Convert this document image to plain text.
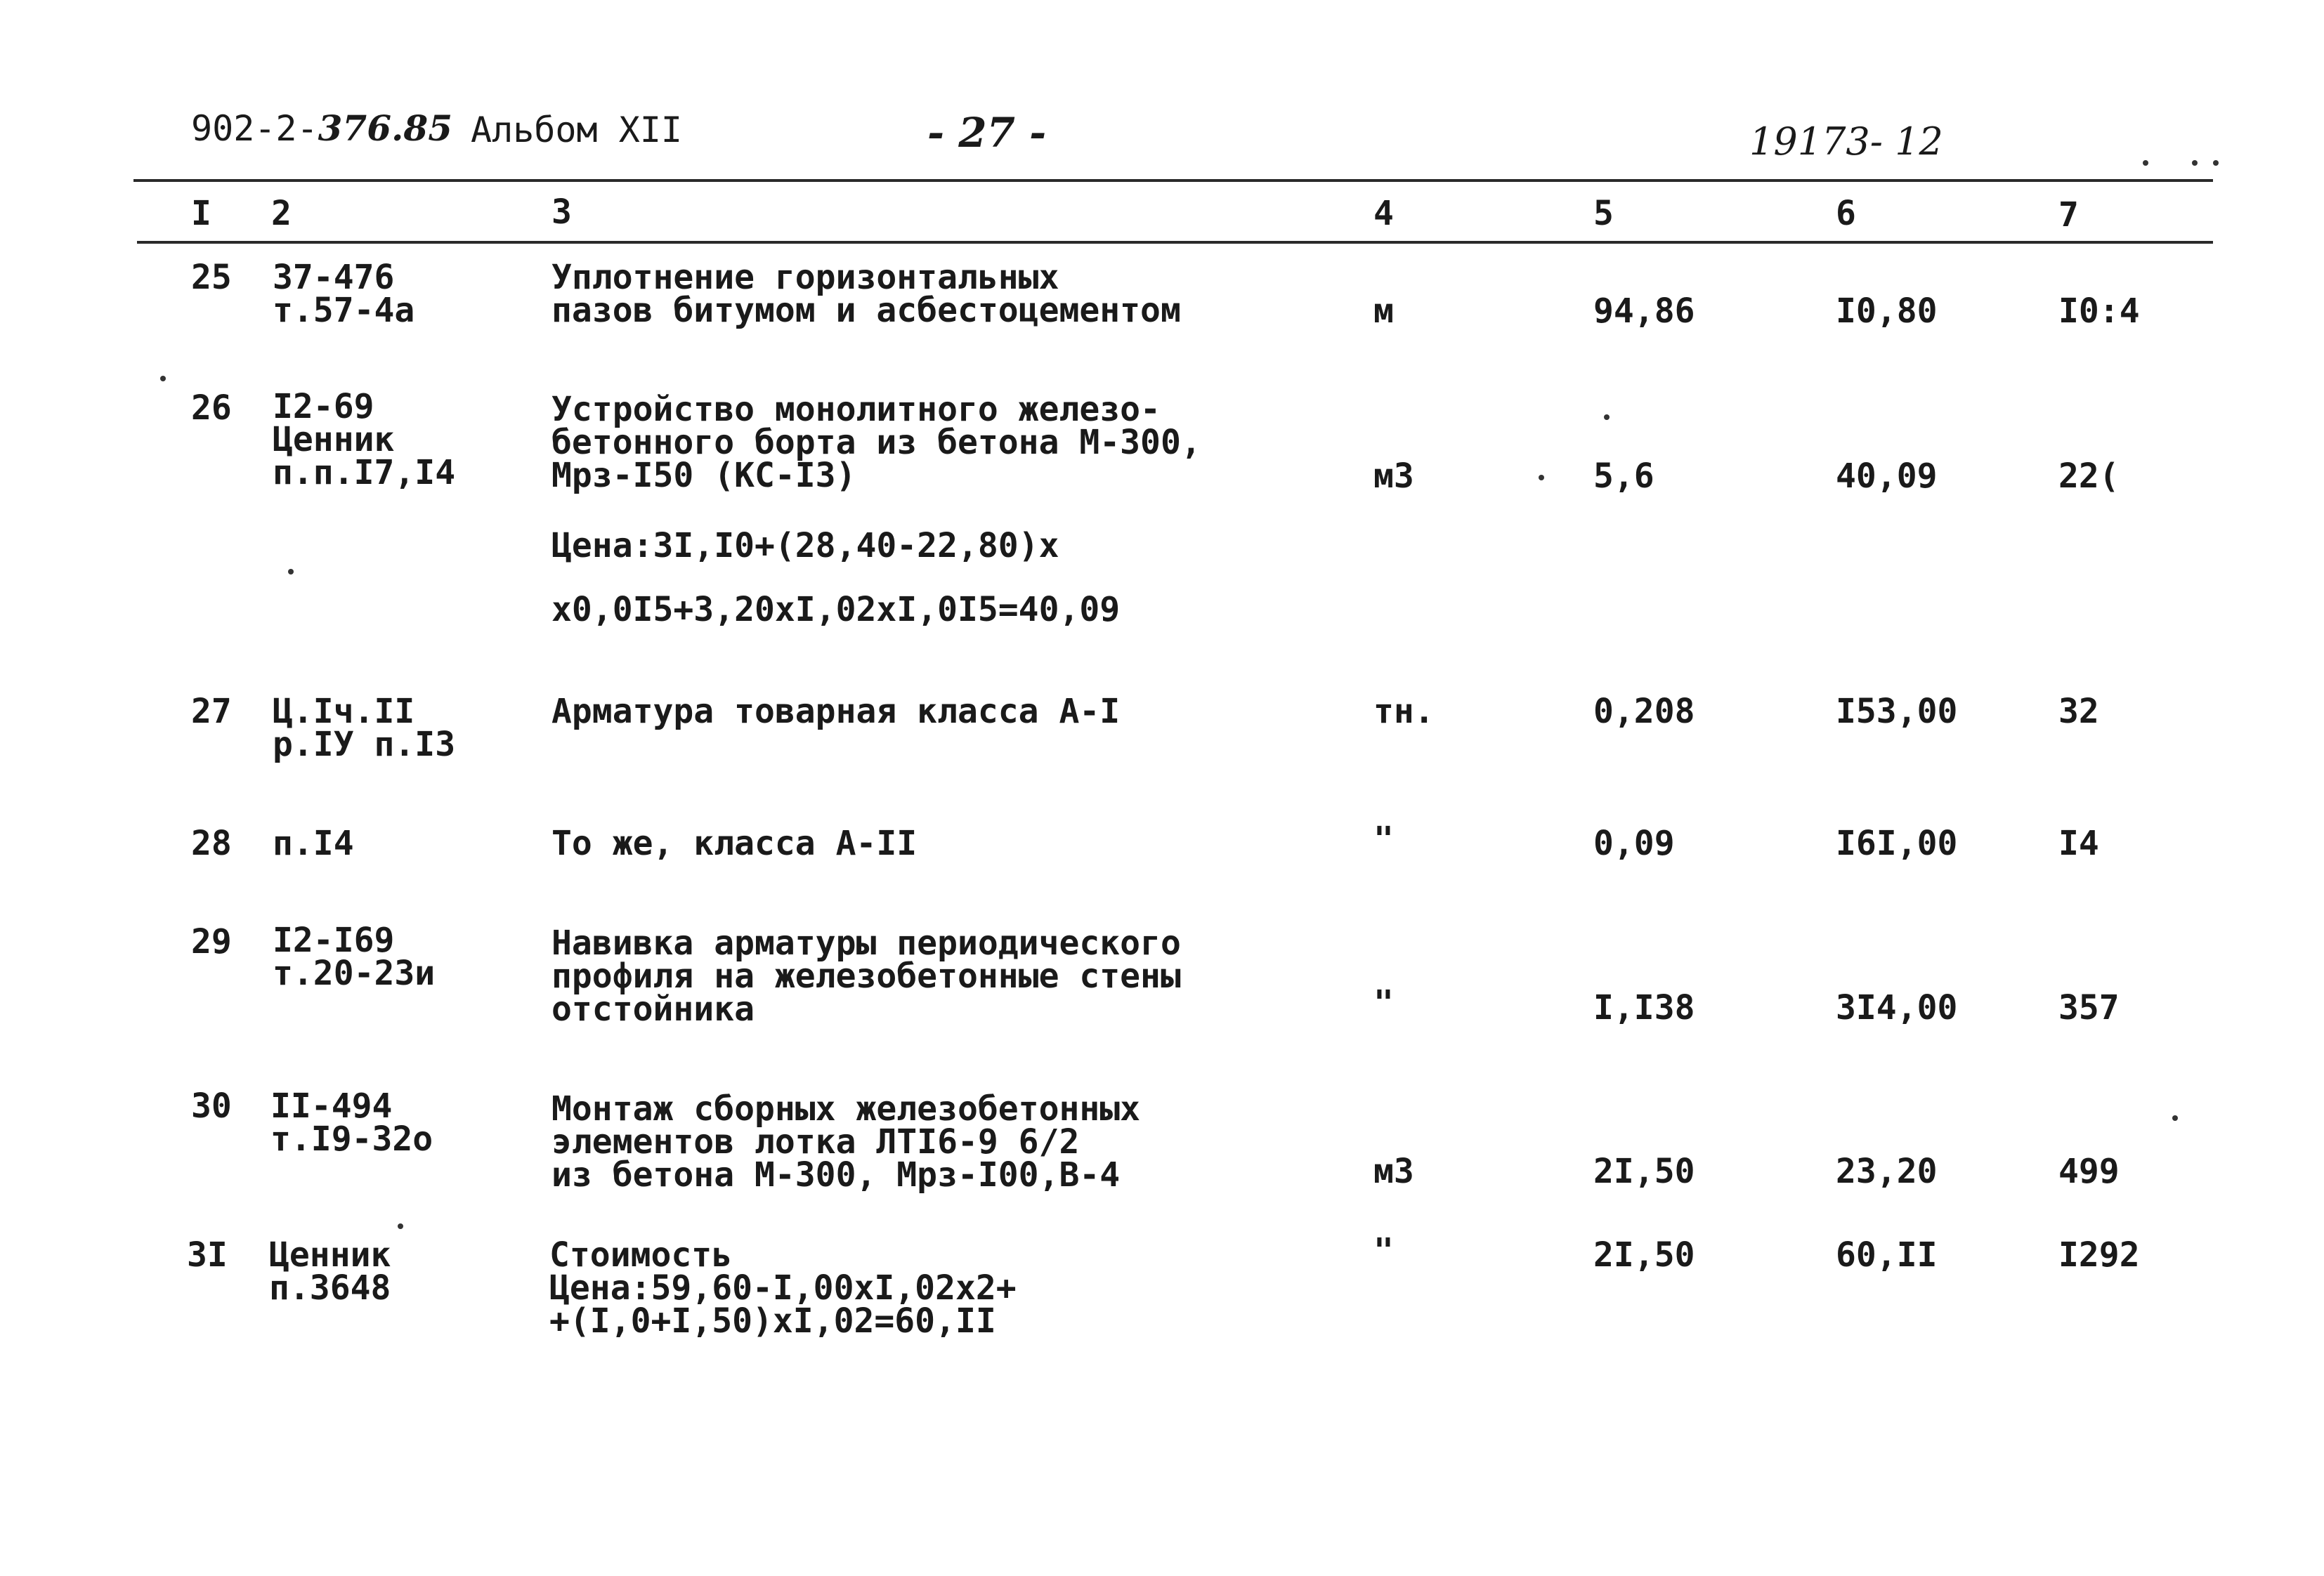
902-2-376.85 Альбом XII	- 27 -	19173- 12
I 2	3	4	5	6	7
25 37-476
т.57-4а
Уплотнение горизонтальных
пазов битумом и асбестоцементом	м	94,86	I0,80	I0:4
26 I2-69
Ценник
п.п.I7,I4
Устройство монолитного железо-
бетонного борта из бетона М-300,
Мрз-I50 (КС-I3)
Цена:3I,I0+(28,40-22,80)x
x0,0I5+3,20xI,02xI,0I5=40,09
м3	5,6	40,09	22(
27 Ц.Iч.II
р.IУ п.I3
Арматура товарная класса А-I	тн.	0,208	I53,00	32
28 п.I4	То же, класса А-II	"	0,09	I6I,00	I4
29 I2-I69
т.20-23и
Навивка арматуры периодического
профиля на железобетонные стены
отстойника	"	I,I38	3I4,00	357
30 II-494
т.I9-32о
Монтаж сборных железобетонных
элементов лотка ЛТI6-9 6/2
из бетона М-300, Мрз-I00,В-4	м3	2I,50	23,20	499
3I Ценник
п.3648
Стоимость
Цена:59,60-I,00xI,02x2+
+(I,0+I,50)xI,02=60,II
"	2I,50	60,II	I292
